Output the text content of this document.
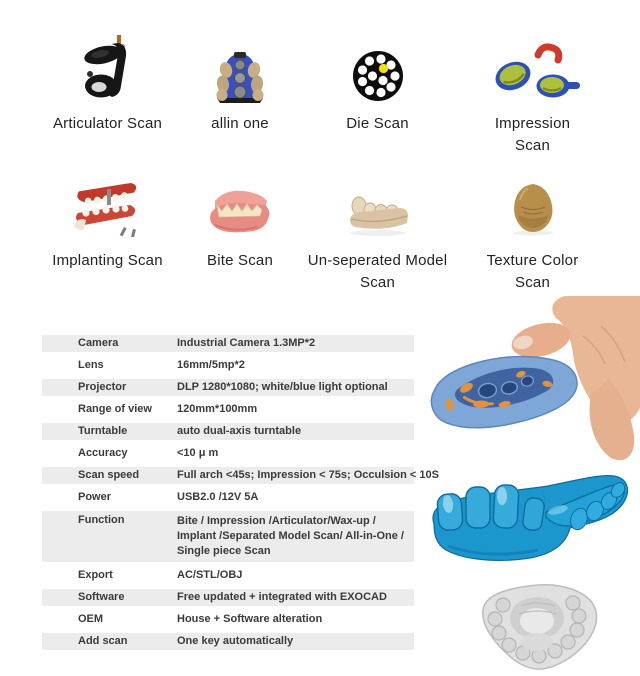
Articulator Scan	allin one	Die Scan	Impression Scan
Implanting Scan	Bite Scan	Un-seperated Model Scan
Texture Color Scan
Camera	Industrial Camera 1.3MP*2
Lens	16mm/5mp*2
Projector	DLP 1280*1080; white/blue light optional
Range of view	120mm*100mm
Turntable	auto dual-axis turntable
Accuracy	<10 μ m
Scan speed	Full arch <45s; Impression < 75s; Occulsion < 10S
Power	USB2.0 /12V 5A
Function	Bite / Impression /Articulator/Wax-up / Implant /Separated Model Scan/ All-in-One / Single piece Scan
Export	AC/STL/OBJ
Software	Free updated + integrated with EXOCAD
OEM	House + Software alteration
Add scan	One key automatically
